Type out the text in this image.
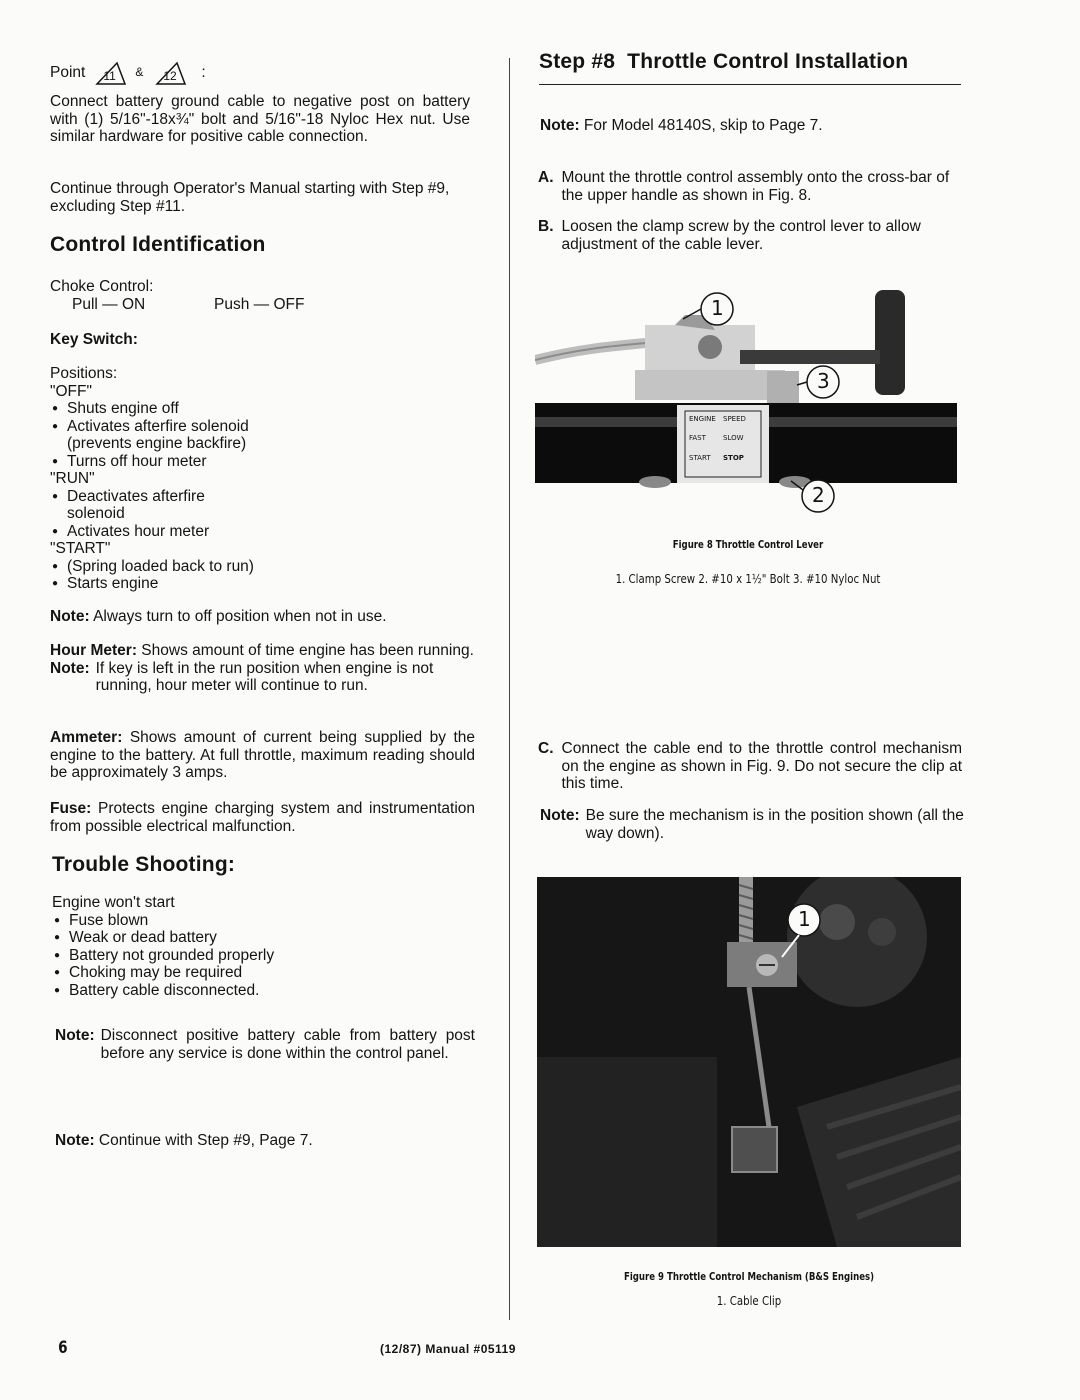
Point 11 & 12 :
Connect battery ground cable to negative post on battery with (1) 5/16"-18x¾" bolt and 5/16"-18 Nyloc Hex nut. Use similar hardware for positive cable connection.
Continue through Operator's Manual starting with Step #9, excluding Step #11.
Control Identification
Choke Control:
Pull — ON	Push — OFF
Key Switch:
Positions:
"OFF"
● Shuts engine off
● Activates afterfire solenoid
(prevents engine backfire)
● Turns off hour meter
"RUN"
● Deactivates afterfire
solenoid
● Activates hour meter
"START"
● (Spring loaded back to run)
● Starts engine
Note: Always turn to off position when not in use.
Hour Meter: Shows amount of time engine has been running.
Note: If key is left in the run position when engine is not running, hour meter will continue to run.
Ammeter: Shows amount of current being supplied by the engine to the battery. At full throttle, maximum reading should be approximately 3 amps.
Fuse: Protects engine charging system and instrumentation from possible electrical malfunction.
Trouble Shooting:
Engine won't start
● Fuse blown
● Weak or dead battery
● Battery not grounded properly
● Choking may be required
● Battery cable disconnected.
Note: Disconnect positive battery cable from battery post before any service is done within the control panel.
Note: Continue with Step #9, Page 7.
Step #8  Throttle Control Installation
Note: For Model 48140S, skip to Page 7.
A. Mount the throttle control assembly onto the cross-bar of the upper handle as shown in Fig. 8.
B. Loosen the clamp screw by the control lever to allow adjustment of the cable lever.
1
3
2
ENGINE	SPEED
FAST	SLOW
START	STOP
Figure 8 Throttle Control Lever
1. Clamp Screw 2. #10 x 1½" Bolt 3. #10 Nyloc Nut
C. Connect the cable end to the throttle control mechanism on the engine as shown in Fig. 9. Do not secure the clip at this time.
Note: Be sure the mechanism is in the position shown (all the way down).
1
Figure 9 Throttle Control Mechanism (B&S Engines)
1. Cable Clip
6	(12/87) Manual #05119
